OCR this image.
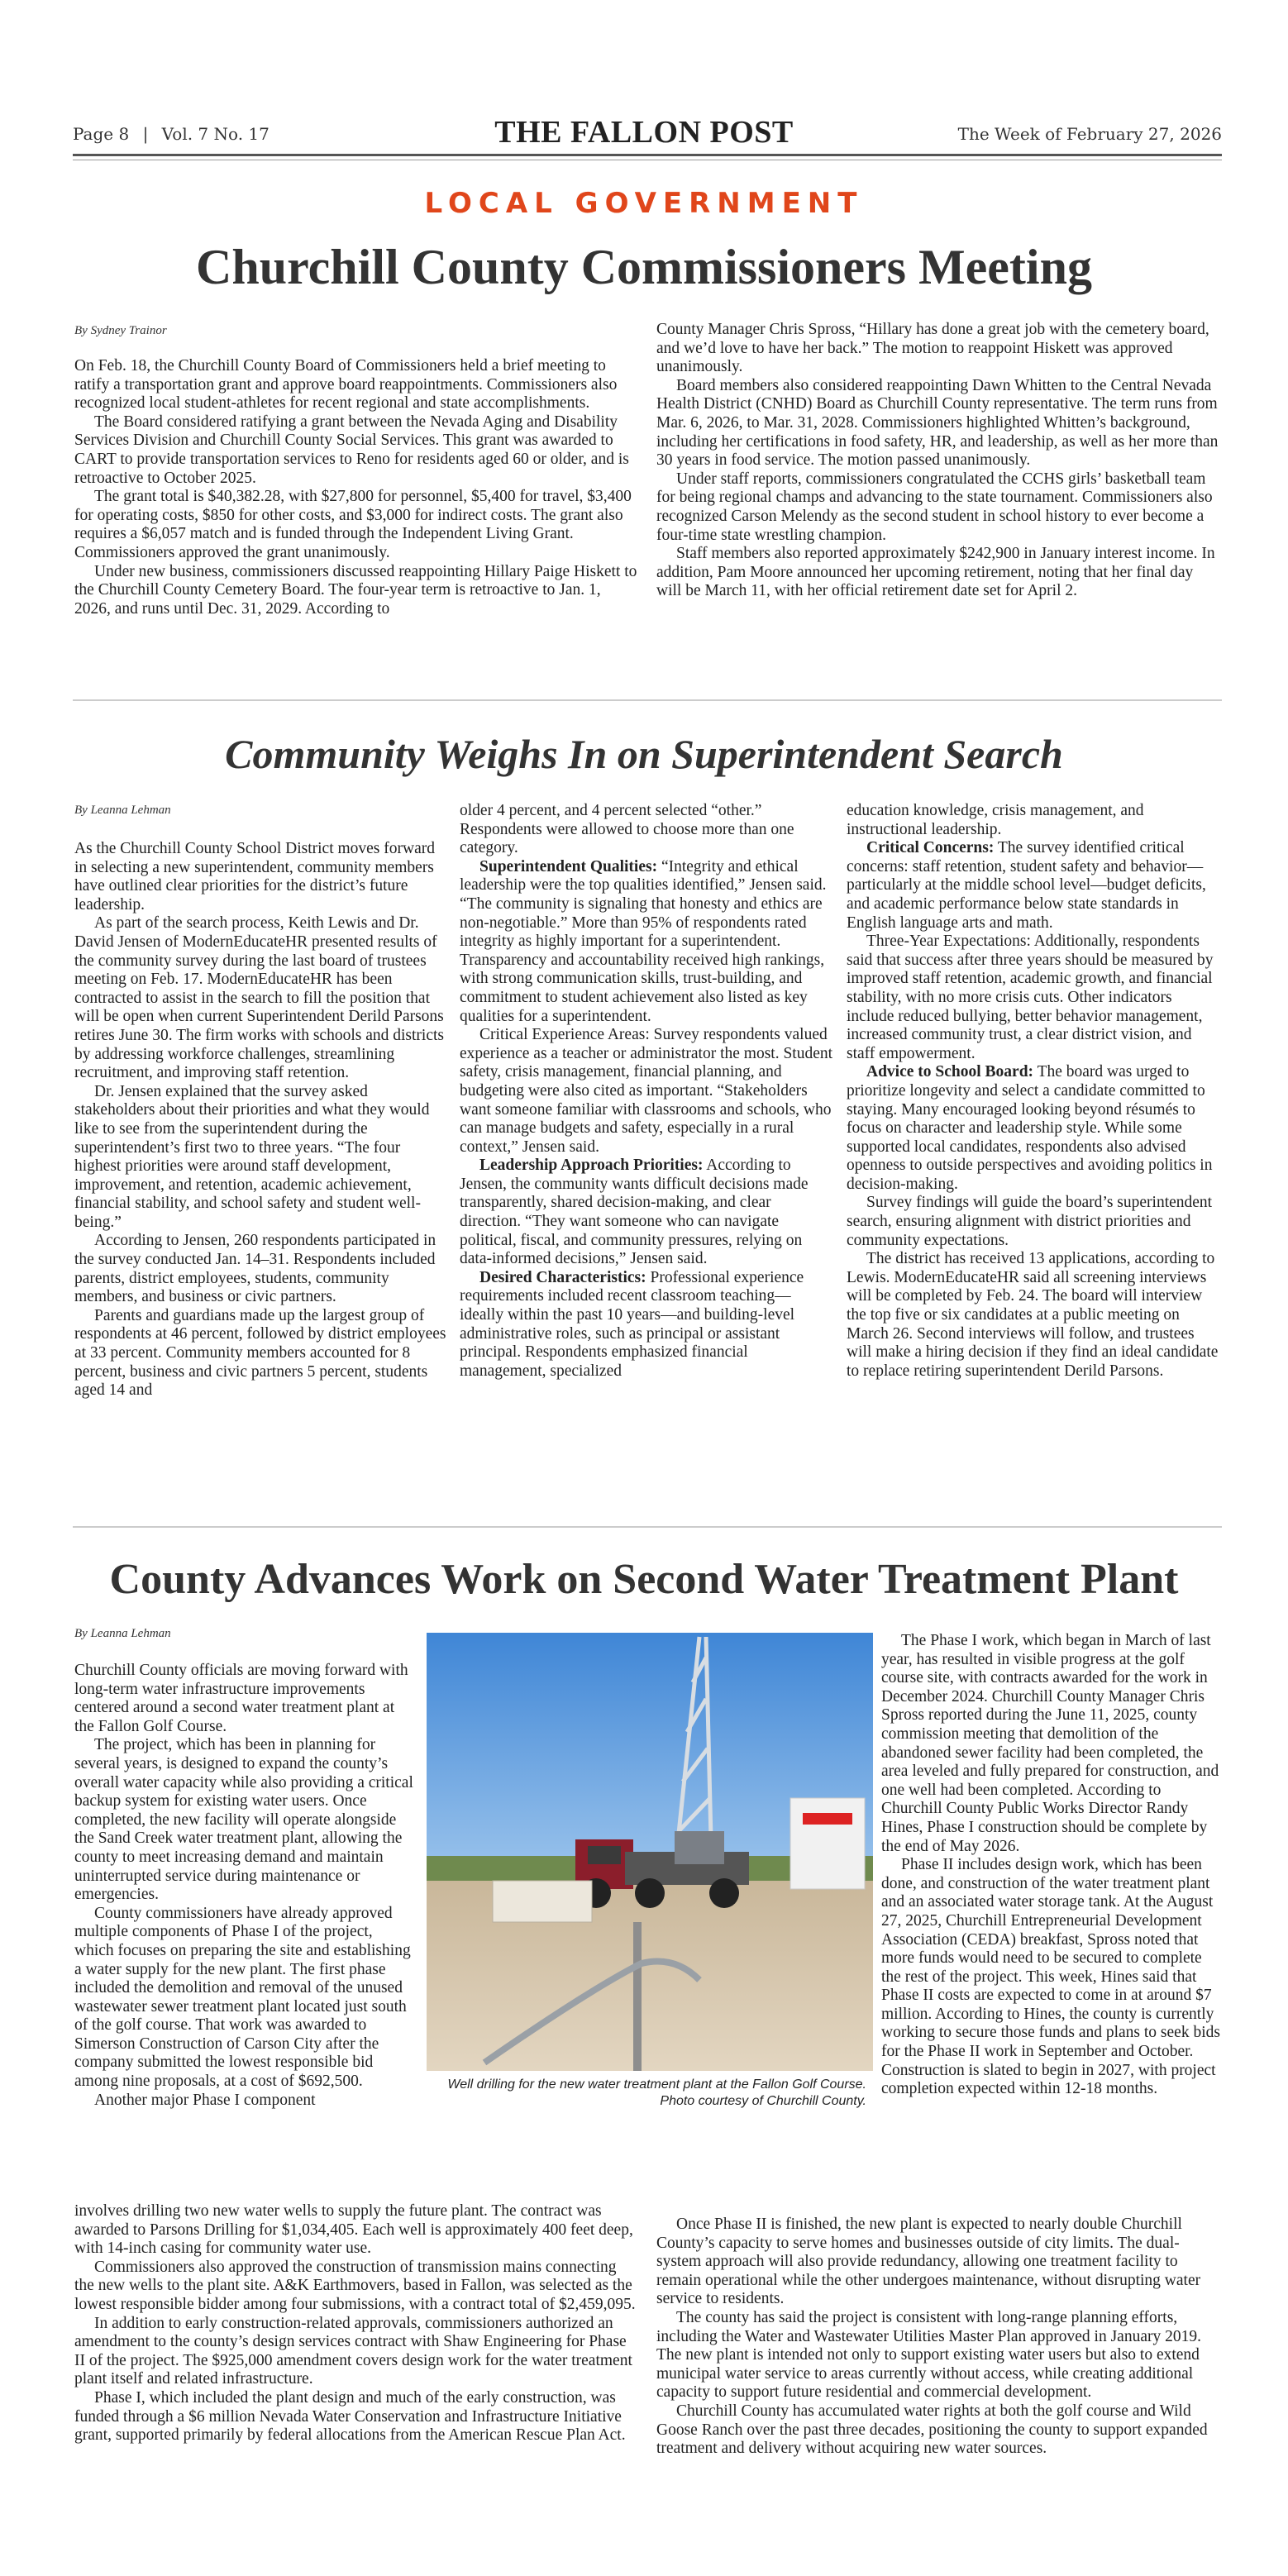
Page 8 | Vol. 7 No. 17	THE FALLON POST	The Week of February 27, 2026
LOCAL GOVERNMENT
Churchill County Commissioners Meeting
By Sydney Trainor

On Feb. 18, the Churchill County Board of Commissioners held a brief meeting to ratify a transportation grant and approve board reappointments. Commissioners also recognized local student-athletes for recent regional and state accomplishments.

The Board considered ratifying a grant between the Nevada Aging and Disability Services Division and Churchill County Social Services. This grant was awarded to CART to provide transportation services to Reno for residents aged 60 or older, and is retroactive to October 2025.

The grant total is $40,382.28, with $27,800 for personnel, $5,400 for travel, $3,400 for operating costs, $850 for other costs, and $3,000 for indirect costs. The grant also requires a $6,057 match and is funded through the Independent Living Grant. Commissioners approved the grant unanimously.

Under new business, commissioners discussed reappointing Hillary Paige Hiskett to the Churchill County Cemetery Board. The four-year term is retroactive to Jan. 1, 2026, and runs until Dec. 31, 2029. According to

County Manager Chris Spross, “Hillary has done a great job with the cemetery board, and we’d love to have her back.” The motion to reappoint Hiskett was approved unanimously.

Board members also considered reappointing Dawn Whitten to the Central Nevada Health District (CNHD) Board as Churchill County representative. The term runs from Mar. 6, 2026, to Mar. 31, 2028. Commissioners highlighted Whitten’s background, including her certifications in food safety, HR, and leadership, as well as her more than 30 years in food service. The motion passed unanimously.

Under staff reports, commissioners congratulated the CCHS girls’ basketball team for being regional champs and advancing to the state tournament. Commissioners also recognized Carson Melendy as the second student in school history to ever become a four-time state wrestling champion.

Staff members also reported approximately $242,900 in January interest income. In addition, Pam Moore announced her upcoming retirement, noting that her final day will be March 11, with her official retirement date set for April 2.

Community Weighs In on Superintendent Search
By Leanna Lehman

As the Churchill County School District moves forward in selecting a new superintendent, community members have outlined clear priorities for the district’s future leadership.

As part of the search process, Keith Lewis and Dr. David Jensen of ModernEducateHR presented results of the community survey during the last board of trustees meeting on Feb. 17. ModernEducateHR has been contracted to assist in the search to fill the position that will be open when current Superintendent Derild Parsons retires June 30. The firm works with schools and districts by addressing workforce challenges, streamlining recruitment, and improving staff retention.

Dr. Jensen explained that the survey asked stakeholders about their priorities and what they would like to see from the superintendent during the superintendent’s first two to three years. “The four highest priorities were around staff development, improvement, and retention, academic achievement, financial stability, and school safety and student well-being.”

According to Jensen, 260 respondents participated in the survey conducted Jan. 14–31. Respondents included parents, district employees, students, community members, and business or civic partners.

Parents and guardians made up the largest group of respondents at 46 percent, followed by district employees at 33 percent. Community members accounted for 8 percent, business and civic partners 5 percent, students aged 14 and

older 4 percent, and 4 percent selected “other.” Respondents were allowed to choose more than one category.

Superintendent Qualities: “Integrity and ethical leadership were the top qualities identified,” Jensen said. “The community is signaling that honesty and ethics are non-negotiable.” More than 95% of respondents rated integrity as highly important for a superintendent. Transparency and accountability received high rankings, with strong communication skills, trust-building, and commitment to student achievement also listed as key qualities for a superintendent.

Critical Experience Areas: Survey respondents valued experience as a teacher or administrator the most. Student safety, crisis management, financial planning, and budgeting were also cited as important. “Stakeholders want someone familiar with classrooms and schools, who can manage budgets and safety, especially in a rural context,” Jensen said.

Leadership Approach Priorities: According to Jensen, the community wants difficult decisions made transparently, shared decision-making, and clear direction. “They want someone who can navigate political, fiscal, and community pressures, relying on data-informed decisions,” Jensen said.

Desired Characteristics: Professional experience requirements included recent classroom teaching—ideally within the past 10 years—and building-level administrative roles, such as principal or assistant principal. Respondents emphasized financial management, specialized

education knowledge, crisis management, and instructional leadership.

Critical Concerns: The survey identified critical concerns: staff retention, student safety and behavior—particularly at the middle school level—budget deficits, and academic performance below state standards in English language arts and math.

Three-Year Expectations: Additionally, respondents said that success after three years should be measured by improved staff retention, academic growth, and financial stability, with no more crisis cuts. Other indicators include reduced bullying, better behavior management, increased community trust, a clear district vision, and staff empowerment.

Advice to School Board: The board was urged to prioritize longevity and select a candidate committed to staying. Many encouraged looking beyond résumés to focus on character and leadership style. While some supported local candidates, respondents also advised openness to outside perspectives and avoiding politics in decision-making.

Survey findings will guide the board’s superintendent search, ensuring alignment with district priorities and community expectations.

The district has received 13 applications, according to Lewis. ModernEducateHR said all screening interviews will be completed by Feb. 24. The board will interview the top five or six candidates at a public meeting on March 26. Second interviews will follow, and trustees will make a hiring decision if they find an ideal candidate to replace retiring superintendent Derild Parsons.

County Advances Work on Second Water Treatment Plant
By Leanna Lehman

Churchill County officials are moving forward with long-term water infrastructure improvements centered around a second water treatment plant at the Fallon Golf Course.

The project, which has been in planning for several years, is designed to expand the county’s overall water capacity while also providing a critical backup system for existing water users. Once completed, the new facility will operate alongside the Sand Creek water treatment plant, allowing the county to meet increasing demand and maintain uninterrupted service during maintenance or emergencies.

County commissioners have already approved multiple components of Phase I of the project, which focuses on preparing the site and establishing a water supply for the new plant. The first phase included the demolition and removal of the unused wastewater sewer treatment plant located just south of the golf course. That work was awarded to Simerson Construction of Carson City after the company submitted the lowest responsible bid among nine proposals, at a cost of $692,500.

Another major Phase I component

Well drilling for the new water treatment plant at the Fallon Golf Course.
Photo courtesy of Churchill County.

involves drilling two new water wells to supply the future plant. The contract was awarded to Parsons Drilling for $1,034,405. Each well is approximately 400 feet deep, with 14-inch casing for community water use.

Commissioners also approved the construction of transmission mains connecting the new wells to the plant site. A&K Earthmovers, based in Fallon, was selected as the lowest responsible bidder among four submissions, with a contract total of $2,459,095.

In addition to early construction-related approvals, commissioners authorized an amendment to the county’s design services contract with Shaw Engineering for Phase II of the project. The $925,000 amendment covers design work for the water treatment plant itself and related infrastructure.

Phase I, which included the plant design and much of the early construction, was funded through a $6 million Nevada Water Conservation and Infrastructure Initiative grant, supported primarily by federal allocations from the American Rescue Plan Act.

The Phase I work, which began in March of last year, has resulted in visible progress at the golf course site, with contracts awarded for the work in December 2024. Churchill County Manager Chris Spross reported during the June 11, 2025, county commission meeting that demolition of the abandoned sewer facility had been completed, the area leveled and fully prepared for construction, and one well had been completed. According to Churchill County Public Works Director Randy Hines, Phase I construction should be complete by the end of May 2026.

Phase II includes design work, which has been done, and construction of the water treatment plant and an associated water storage tank. At the August 27, 2025, Churchill Entrepreneurial Development Association (CEDA) breakfast, Spross noted that more funds would need to be secured to complete the rest of the project. This week, Hines said that Phase II costs are expected to come in at around $7 million. According to Hines, the county is currently working to secure those funds and plans to seek bids for the Phase II work in September and October. Construction is slated to begin in 2027, with project completion expected within 12-18 months.

Once Phase II is finished, the new plant is expected to nearly double Churchill County’s capacity to serve homes and businesses outside of city limits. The dual-system approach will also provide redundancy, allowing one treatment facility to remain operational while the other undergoes maintenance, without disrupting water service to residents.

The county has said the project is consistent with long-range planning efforts, including the Water and Wastewater Utilities Master Plan approved in January 2019. The new plant is intended not only to support existing water users but also to extend municipal water service to areas currently without access, while creating additional capacity to support future residential and commercial development.

Churchill County has accumulated water rights at both the golf course and Wild Goose Ranch over the past three decades, positioning the county to support expanded treatment and delivery without acquiring new water sources.
